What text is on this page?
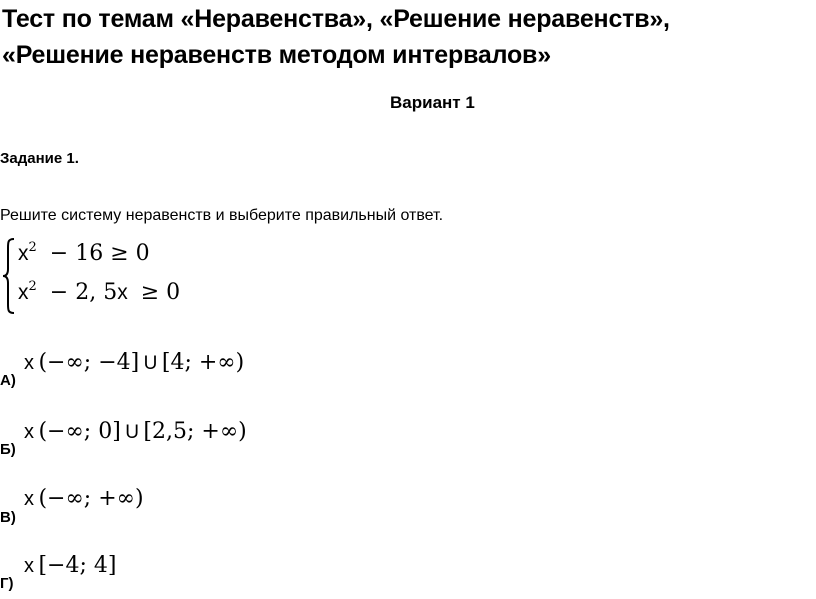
Тест по темам «Неравенства», «Решение неравенств»,
«Решение неравенств методом интервалов»
Вариант 1
Задание 1.
Решите систему неравенств и выберите правильный ответ.
$x^2 - 16 \ge 0$
$x^2 - 2$, 5x ≥ 0
А)
x (−∞; −4] U [4; +∞)
Б)
x (−∞; 0] U [2,5; +∞)
В)
x (−∞; +∞)
Г)
x [−4; 4]
